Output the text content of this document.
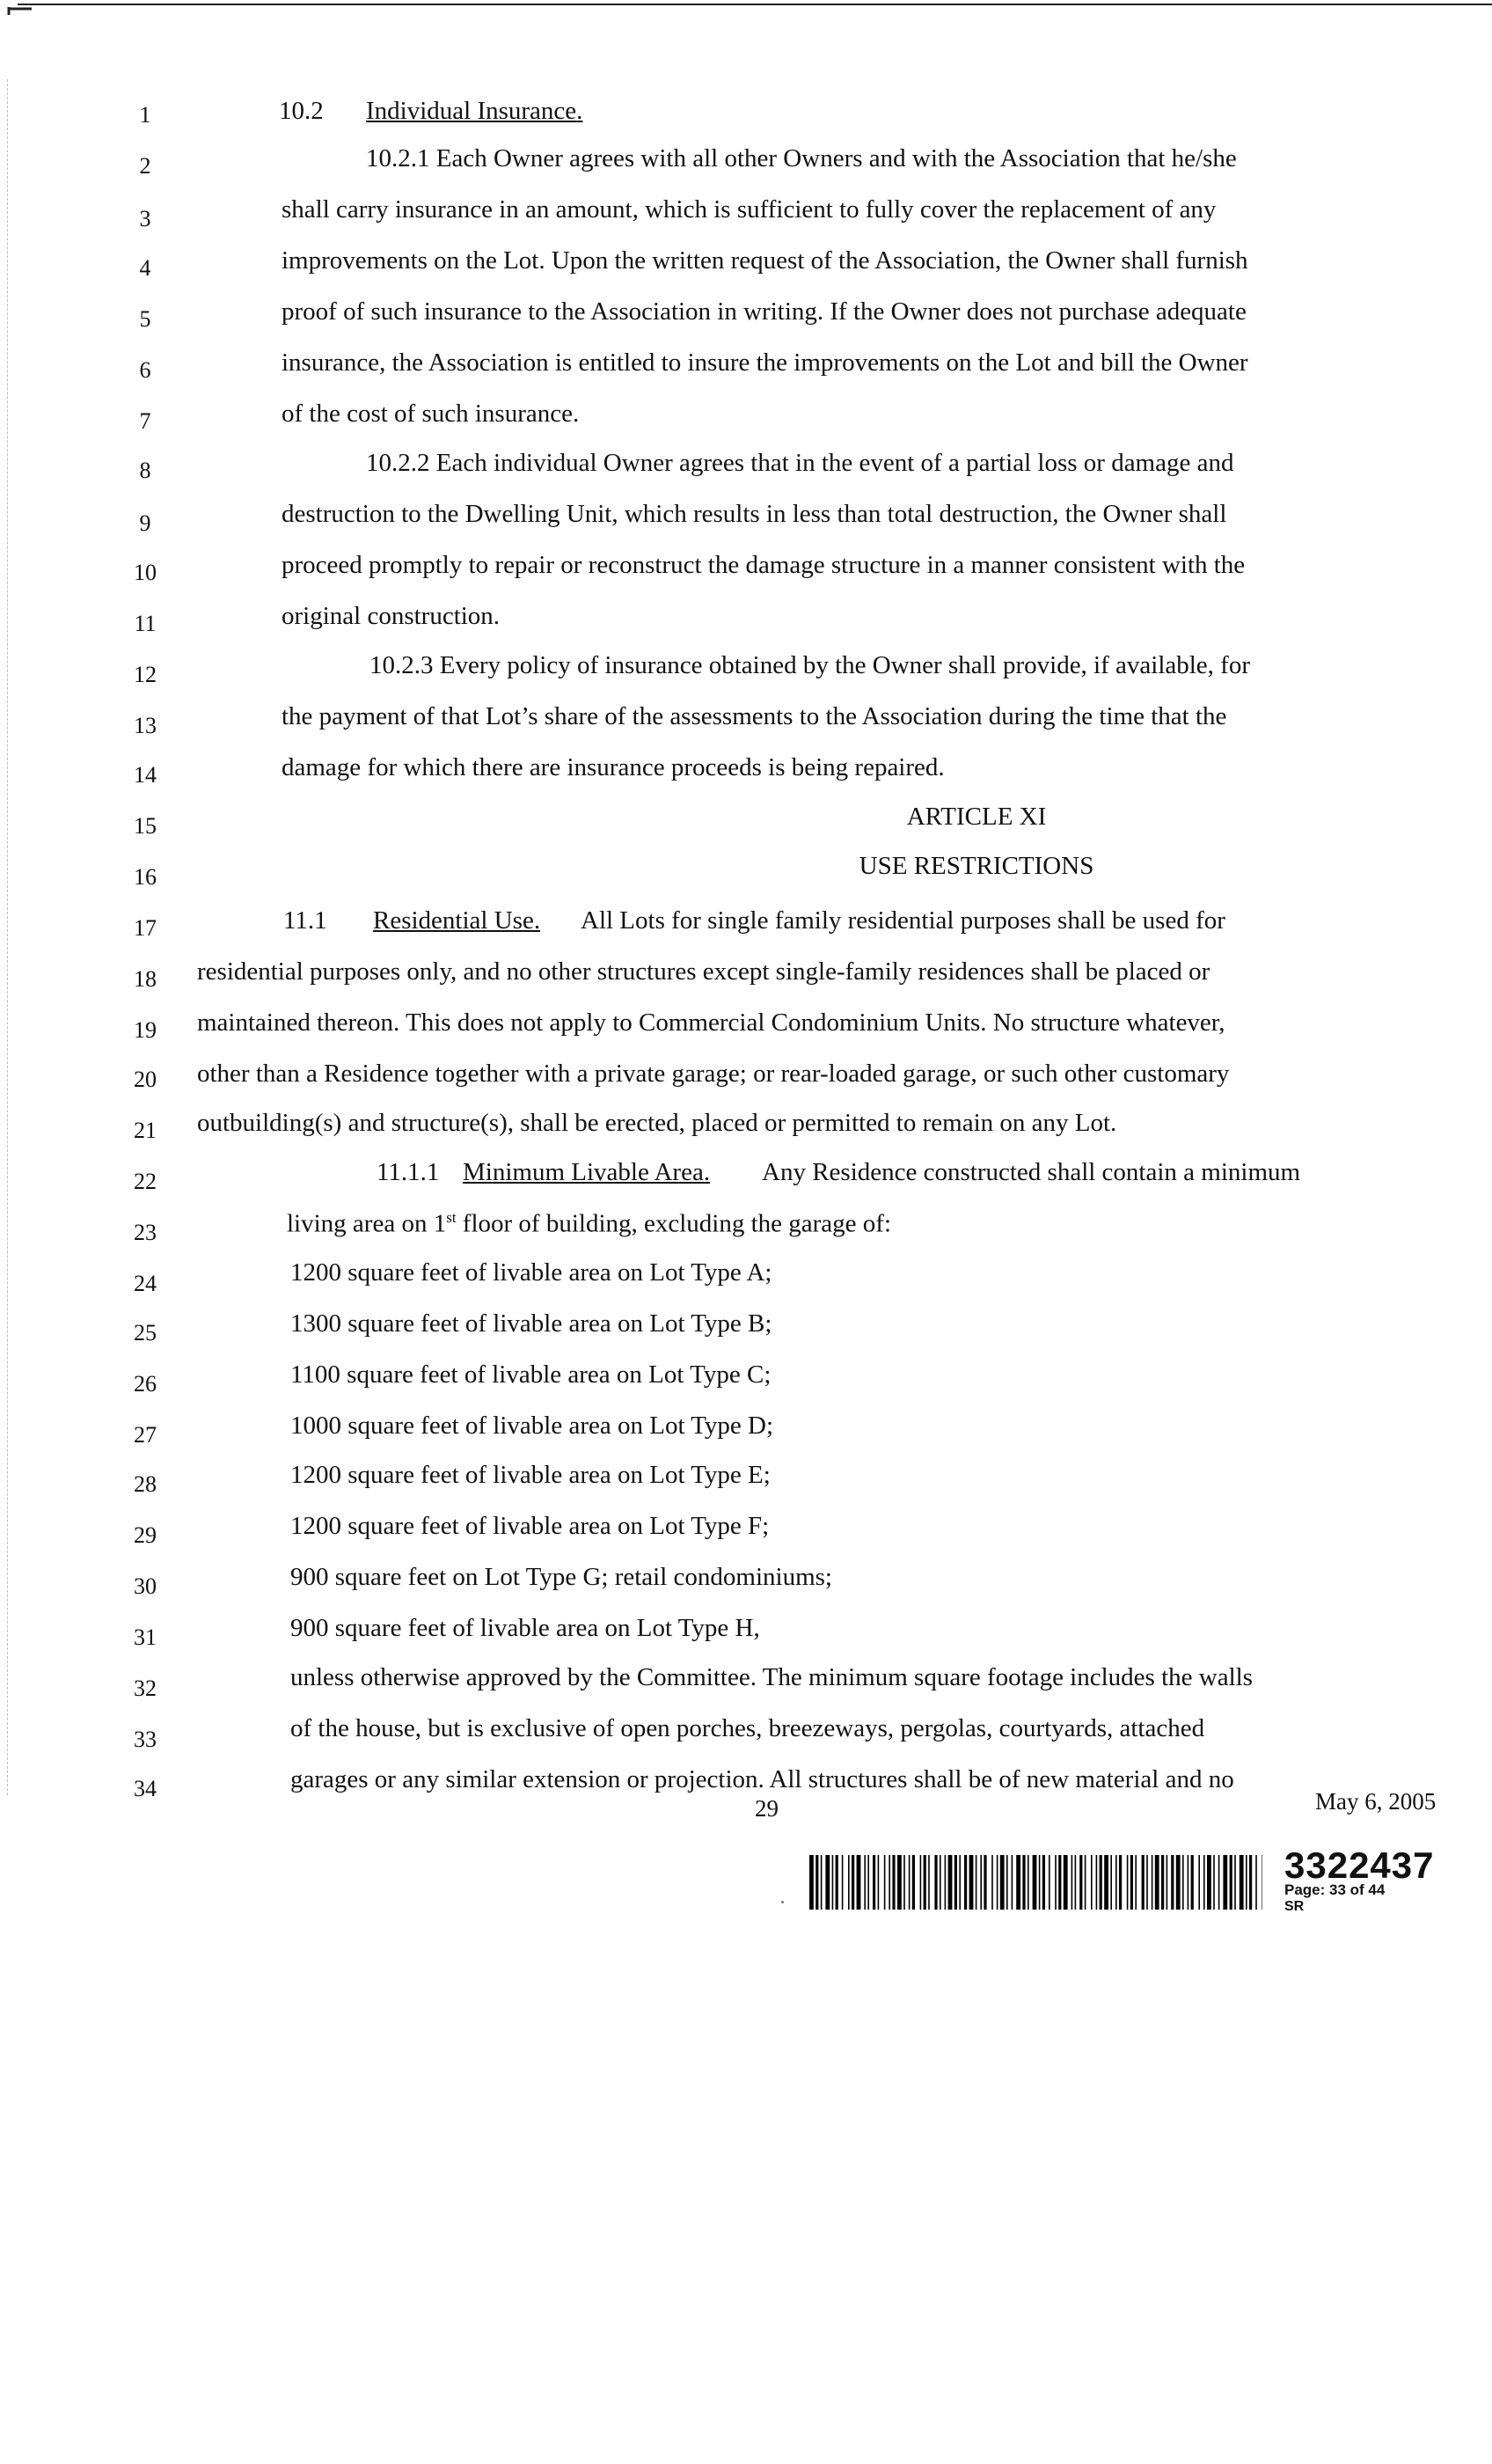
1
2
3
4
5
6
7
8
9
10
11
12
13
14
15
16
17
18
19
20
21
22
23
24
25
26
27
28
29
30
31
32
33
34
10.2 Individual Insurance.
10.2.1 Each Owner agrees with all other Owners and with the Association that he/she
shall carry insurance in an amount, which is sufficient to fully cover the replacement of any
improvements on the Lot. Upon the written request of the Association, the Owner shall furnish
proof of such insurance to the Association in writing. If the Owner does not purchase adequate
insurance, the Association is entitled to insure the improvements on the Lot and bill the Owner
of the cost of such insurance.
10.2.2 Each individual Owner agrees that in the event of a partial loss or damage and
destruction to the Dwelling Unit, which results in less than total destruction, the Owner shall
proceed promptly to repair or reconstruct the damage structure in a manner consistent with the
original construction.
10.2.3 Every policy of insurance obtained by the Owner shall provide, if available, for
the payment of that Lot’s share of the assessments to the Association during the time that the
damage for which there are insurance proceeds is being repaired.
ARTICLE XI
USE RESTRICTIONS
11.1 Residential Use. All Lots for single family residential purposes shall be used for
residential purposes only, and no other structures except single-family residences shall be placed or
maintained thereon. This does not apply to Commercial Condominium Units. No structure whatever,
other than a Residence together with a private garage; or rear-loaded garage, or such other customary
outbuilding(s) and structure(s), shall be erected, placed or permitted to remain on any Lot.
11.1.1 Minimum Livable Area. Any Residence constructed shall contain a minimum
living area on 1st floor of building, excluding the garage of:
1200 square feet of livable area on Lot Type A;
1300 square feet of livable area on Lot Type B;
1100 square feet of livable area on Lot Type C;
1000 square feet of livable area on Lot Type D;
1200 square feet of livable area on Lot Type E;
1200 square feet of livable area on Lot Type F;
900 square feet on Lot Type G; retail condominiums;
900 square feet of livable area on Lot Type H,
unless otherwise approved by the Committee. The minimum square footage includes the walls
of the house, but is exclusive of open porches, breezeways, pergolas, courtyards, attached
garages or any similar extension or projection. All structures shall be of new material and no
29	May 6, 2005
3322437
Page: 33 of 44
SR
